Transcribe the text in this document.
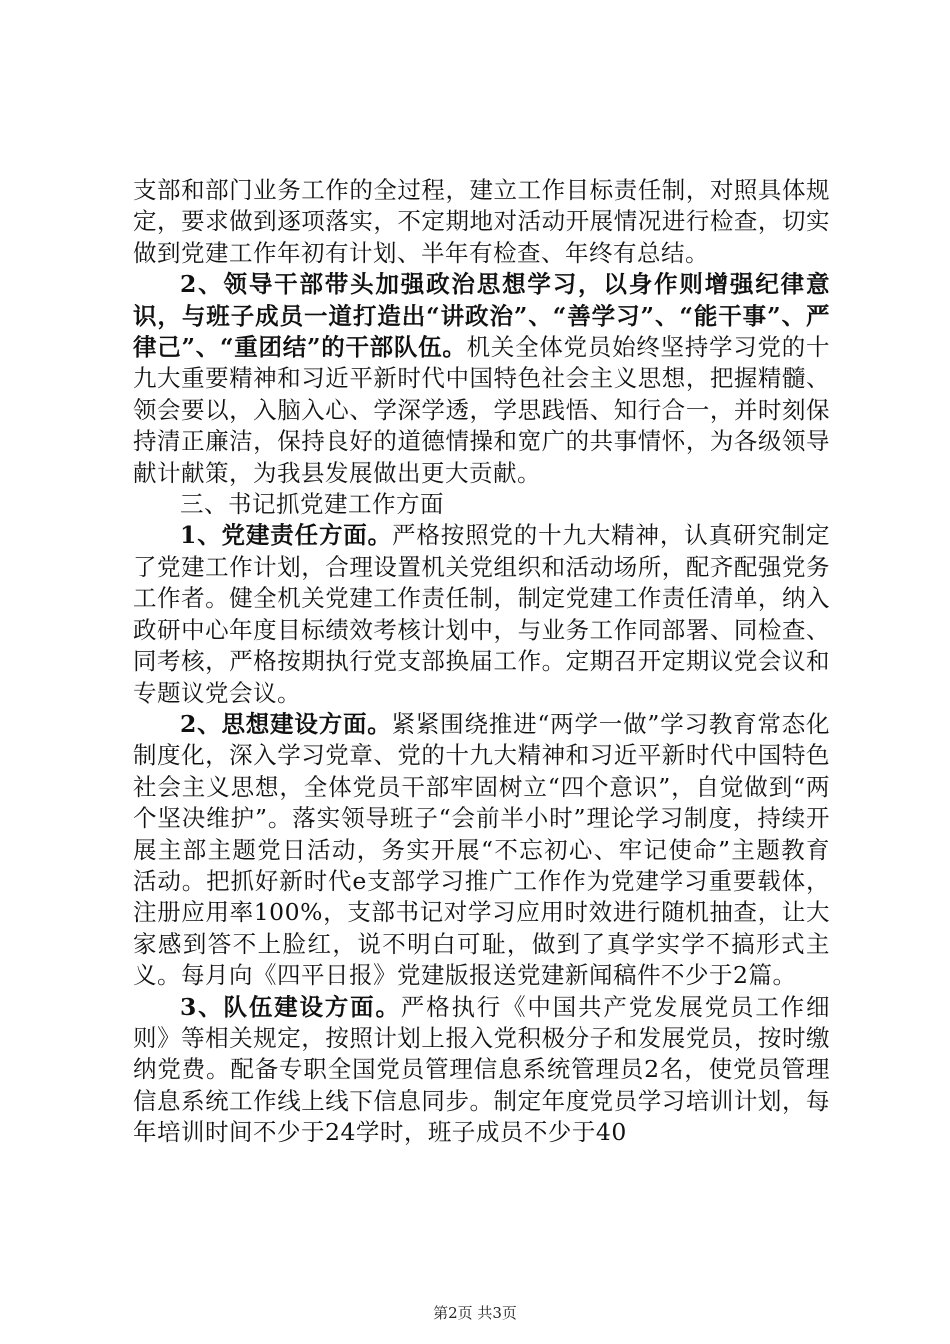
支部和部门业务工作的全过程，建立工作目标责任制，对照具体规定，要求做到逐项落实，不定期地对活动开展情况进行检查，切实做到党建工作年初有计划、半年有检查、年终有总结。

2、领导干部带头加强政治思想学习，以身作则增强纪律意识，与班子成员一道打造出“讲政治”、“善学习”、“能干事”、严律己”、“重团结”的干部队伍。机关全体党员始终坚持学习党的十九大重要精神和习近平新时代中国特色社会主义思想，把握精髓、领会要以，入脑入心、学深学透，学思践悟、知行合一，并时刻保持清正廉洁，保持良好的道德情操和宽广的共事情怀，为各级领导献计献策，为我县发展做出更大贡献。

三、书记抓党建工作方面

1、党建责任方面。严格按照党的十九大精神，认真研究制定了党建工作计划，合理设置机关党组织和活动场所，配齐配强党务工作者。健全机关党建工作责任制，制定党建工作责任清单，纳入政研中心年度目标绩效考核计划中，与业务工作同部署、同检查、同考核，严格按期执行党支部换届工作。定期召开定期议党会议和专题议党会议。

2、思想建设方面。紧紧围绕推进“两学一做”学习教育常态化制度化，深入学习党章、党的十九大精神和习近平新时代中国特色社会主义思想，全体党员干部牢固树立“四个意识”，自觉做到“两个坚决维护”。落实领导班子“会前半小时”理论学习制度，持续开展主部主题党日活动，务实开展“不忘初心、牢记使命”主题教育活动。把抓好新时代e支部学习推广工作作为党建学习重要载体，注册应用率100%，支部书记对学习应用时效进行随机抽查，让大家感到答不上脸红，说不明白可耻，做到了真学实学不搞形式主义。每月向《四平日报》党建版报送党建新闻稿件不少于2篇。

3、队伍建设方面。严格执行《中国共产党发展党员工作细则》等相关规定，按照计划上报入党积极分子和发展党员，按时缴纳党费。配备专职全国党员管理信息系统管理员2名，使党员管理信息系统工作线上线下信息同步。制定年度党员学习培训计划，每年培训时间不少于24学时，班子成员不少于40

第2页 共3页
